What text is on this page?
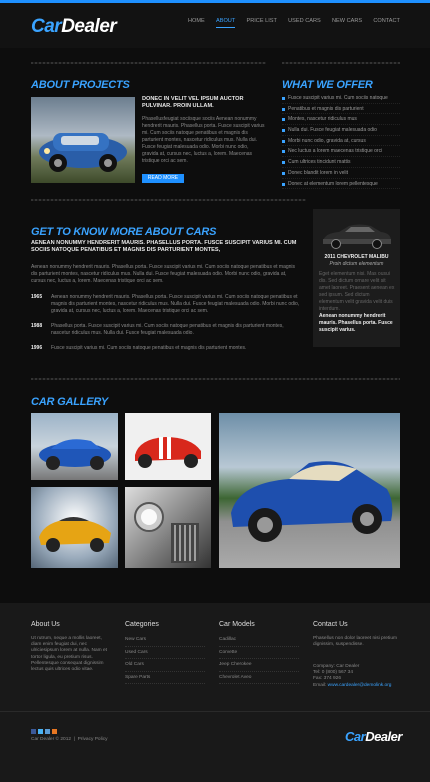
CarDealer	HOME ABOUT PRICE LIST USED CARS NEW CARS CONTACT
ABOUT PROJECTS
DONEC IN VELIT VEL IPSUM AUCTOR PULVINAR. PROIN ULLAM.
Phasellusfeugiat sociisque sociis Aenean nonummy hendrerit mauris. Phasellus porta. Fusce suscipit varius mi. Cum sociis natoque penatibus et magnis dis parturient montes, nascetur ridiculus mus. Nulla dui. Fusce feugiat malesuada odio. Morbi nunc odio, gravida at, cursus nec, luctus a, lorem. Maecenas tristique orci ac sem.
READ MORE
WHAT WE OFFER
Fusce suscipit varius mi. Cum sociis natoque
Penatibus et magnis dis parturient
Montes, nascetur ridiculus mus
Nulla dui. Fusce feugiat malesuada odio
Morbi nunc odio, gravida at, cursus
Nec luctus a lorem maecenas tristique orci
Cum ultrices tincidunt mattis
Donec blandit lorem in velit
Donec at elementum lorem pellentesque
GET TO KNOW MORE ABOUT CARS
AENEAN NONUMMY HENDRERIT MAURIS. PHASELLUS PORTA. FUSCE SUSCIPIT VARIUS MI. CUM SOCIIS NATOQUE PENATIBUS ET MAGNIS DIS PARTURIENT MONTES,
Aenean nonummy hendrerit mauris. Phasellus porta. Fusce suscipit varius mi. Cum sociis natoque penatibus et magnis dis parturient montes, nascetur ridiculus mus. Nulla dui. Fusce feugiat malesuada odio. Morbi nunc odio, gravida at, cursus nec, luctus a, lorem. Maecenas tristique orci ac sem.
1965 Aenean nonummy hendrerit mauris. Phasellus porta. Fusce suscipit varius mi. Cum sociis natoque penatibus et magnis dis parturient montes, nascetur ridiculus mus. Nulla dui. Fusce feugiat malesuada odio. Morbi nunc odio, gravida at, cursus nec, luctus a, lorem. Maecenas tristique orci ac sem.
1988 Phasellus porta. Fusce suscipit varius mi. Cum sociis natoque penatibus et magnis dis parturient montes, nascetur ridiculus mus. Nulla dui. Fusce feugiat malesuada odio.
1996 Fusce suscipit varius mi. Cum sociis natoque penatibus et magnis dis parturient montes.
2011 CHEVROLET MALIBU
Proin dictum elementum
Eget elementum nisi. Mas ousui dis. Sed dictum ornare velit sit amet laoreet. Praesent aenean ex sed ipsum. Sed dictum elementum velit gravida velit duis interdum.
Aenean nonummy hendrerit mauris. Phasellus porta. Fusce suscipit varius.
CAR GALLERY
About Us
Ut rutrum, neque a mollis laoreet, diam enim feugiat dui, nec ulriciesipsum lorem at nulla. Nam et tortor ligula, eu pretium risus. Pellentesque consequat dignissim lectus quis ultrices odio vitae.
Categories
New Cars
Used Cars
Old Cars
Spare Parts
Car Models
Cadillac
Corvette
Jeep Cherokee
Chevrolet Aveo
Contact Us
Phasellus non dolor laoreet nisi pretium dignissim, suspendisse.
Company: Car Dealer
Tel: 0 (800) 567 34
Fax: 374 926
Email: www.cardealer@demolink.org
Car Dealer © 2012  |  Privacy Policy	CarDealer
